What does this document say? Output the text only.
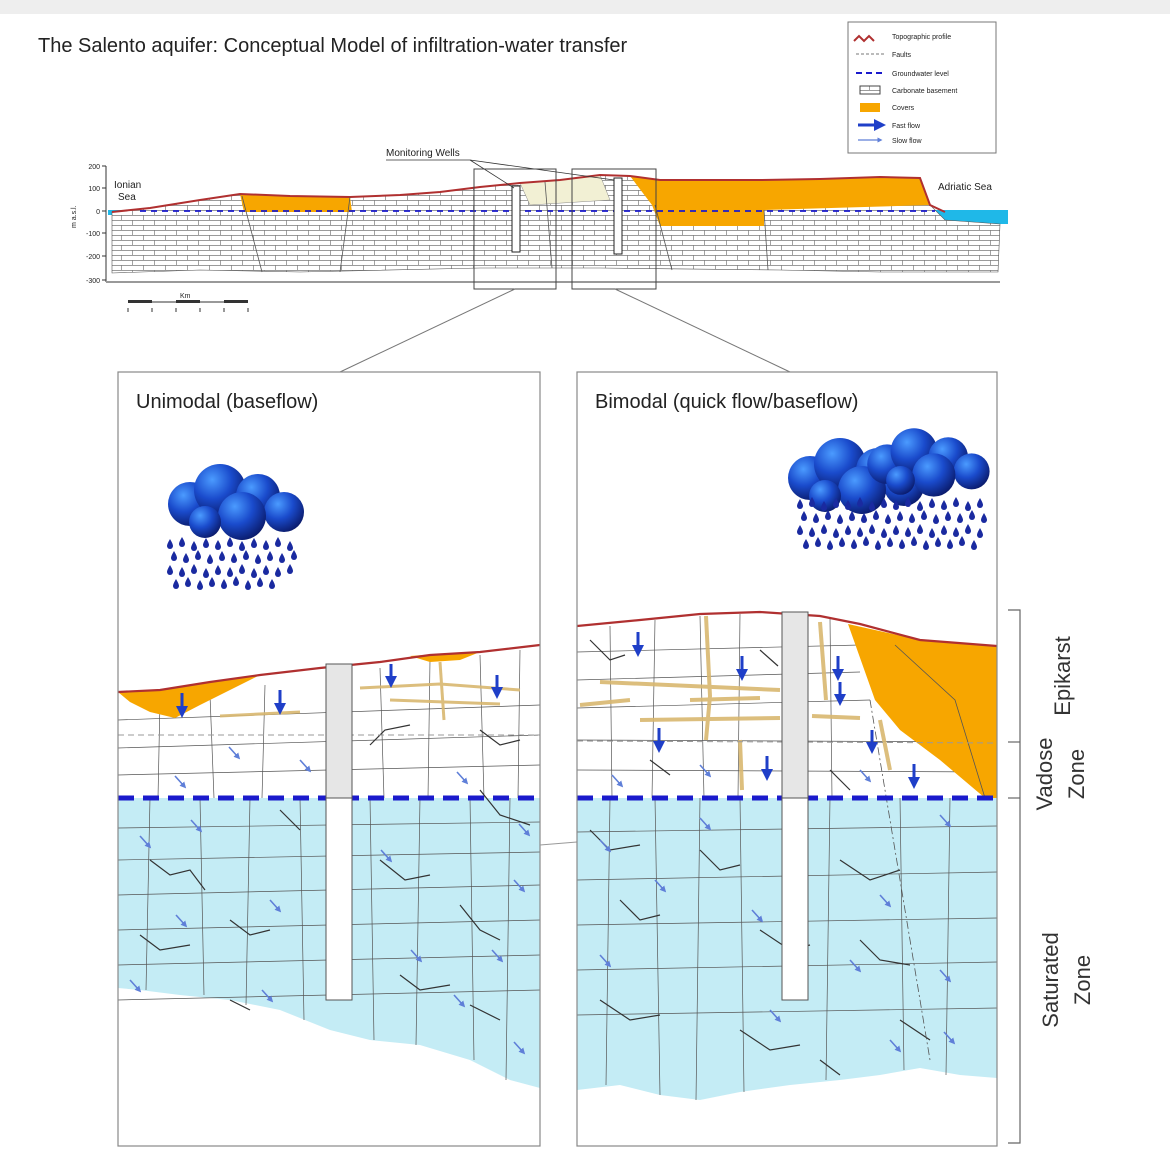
The Salento aquifer: Conceptual Model of infiltration-water transfer	Topographic profile
Faults
Groundwater level
Carbonate basement
Covers
Fast flow
Slow flow
200
100
0
-100
-200
-300
m a.s.l.
Monitoring Wells
Ionian
Sea
Adriatic Sea
Km
Unimodal (baseflow)	Bimodal (quick flow/baseflow)
Epikarst
Vadose Zone
Saturated Zone
